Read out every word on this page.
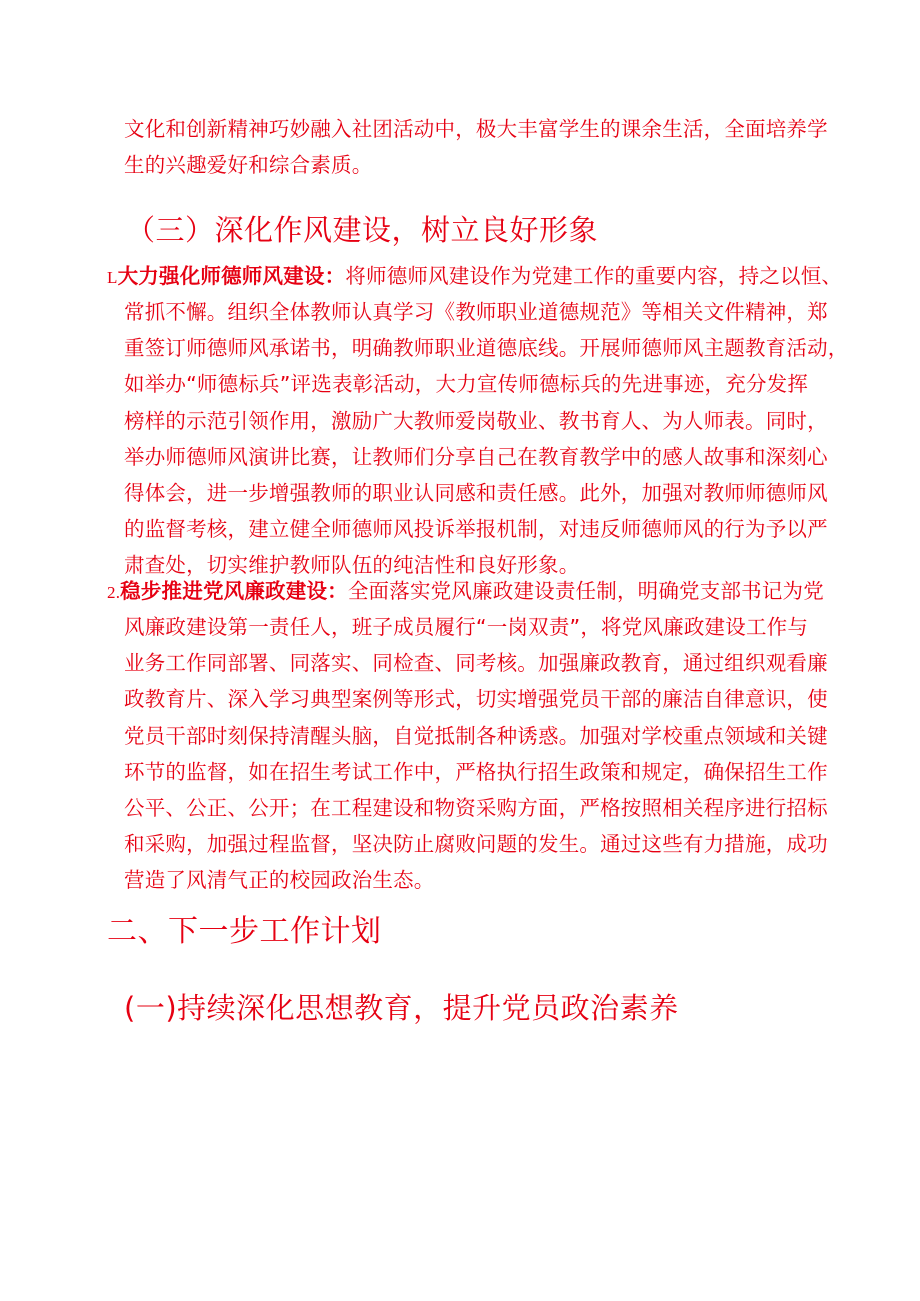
文化和创新精神巧妙融入社团活动中，极大丰富学生的课余生活，全面培养学
生的兴趣爱好和综合素质。
（三）深化作风建设，树立良好形象
L大力强化师德师风建设：将师德师风建设作为党建工作的重要内容，持之以恒、
常抓不懈。组织全体教师认真学习《教师职业道德规范》等相关文件精神，郑
重签订师德师风承诺书，明确教师职业道德底线。开展师德师风主题教育活动，
如举办“师德标兵”评选表彰活动，大力宣传师德标兵的先进事迹，充分发挥
榜样的示范引领作用，激励广大教师爱岗敬业、教书育人、为人师表。同时，
举办师德师风演讲比赛，让教师们分享自己在教育教学中的感人故事和深刻心
得体会，进一步增强教师的职业认同感和责任感。此外，加强对教师师德师风
的监督考核，建立健全师德师风投诉举报机制，对违反师德师风的行为予以严
肃查处，切实维护教师队伍的纯洁性和良好形象。
2.稳步推进党风廉政建设：全面落实党风廉政建设责任制，明确党支部书记为党
风廉政建设第一责任人，班子成员履行“一岗双责”，将党风廉政建设工作与
业务工作同部署、同落实、同检查、同考核。加强廉政教育，通过组织观看廉
政教育片、深入学习典型案例等形式，切实增强党员干部的廉洁自律意识，使
党员干部时刻保持清醒头脑，自觉抵制各种诱惑。加强对学校重点领域和关键
环节的监督，如在招生考试工作中，严格执行招生政策和规定，确保招生工作
公平、公正、公开；在工程建设和物资采购方面，严格按照相关程序进行招标
和采购，加强过程监督，坚决防止腐败问题的发生。通过这些有力措施，成功
营造了风清气正的校园政治生态。
二、下一步工作计划
(一)持续深化思想教育，提升党员政治素养
